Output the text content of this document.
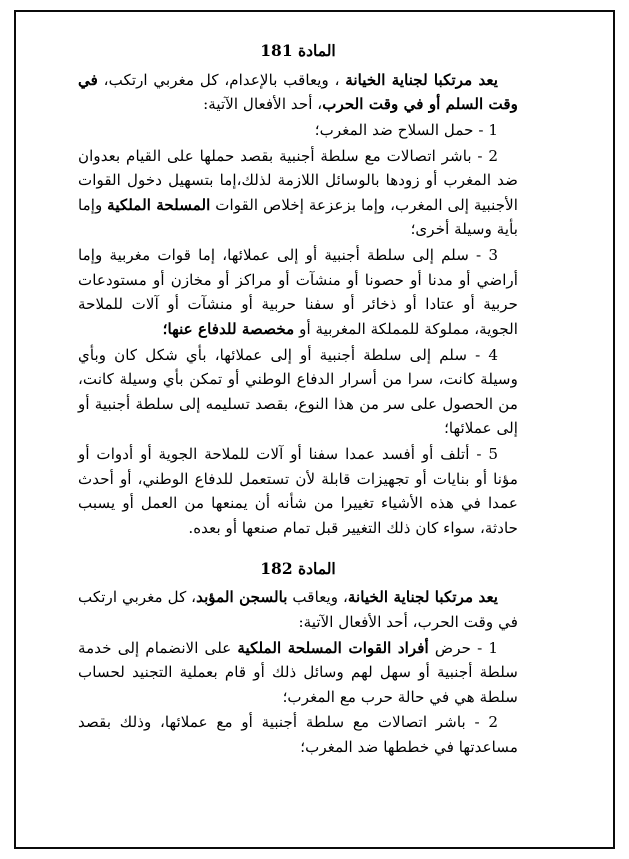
المادة 181

يعد مرتكبا لجناية الخيانة ، ويعاقب بالإعدام، كل مغربي ارتكب، في وقت السلم أو في وقت الحرب، أحد الأفعال الآتية:

1 - حمل السلاح ضد المغرب؛

2 - باشر اتصالات مع سلطة أجنبية بقصد حملها على القيام بعدوان ضد المغرب أو زودها بالوسائل اللازمة لذلك،إما بتسهيل دخول القوات الأجنبية إلى المغرب، وإما بزعزعة إخلاص القوات المسلحة الملكية وإما بأية وسيلة أخرى؛

3 - سلم إلى سلطة أجنبية أو إلى عملائها، إما قوات مغربية وإما أراضي أو مدنا أو حصونا أو منشآت أو مراكز أو مخازن أو مستودعات حربية أو عتادا أو ذخائر أو سفنا حربية أو منشآت أو آلات للملاحة الجوية، مملوكة للمملكة المغربية أو مخصصة للدفاع عنها؛

4 - سلم إلى سلطة أجنبية أو إلى عملائها، بأي شكل كان وبأي وسيلة كانت، سرا من أسرار الدفاع الوطني أو تمكن بأي وسيلة كانت، من الحصول على سر من هذا النوع، بقصد تسليمه إلى سلطة أجنبية أو إلى عملائها؛

5 - أتلف أو أفسد عمدا سفنا أو آلات للملاحة الجوية أو أدوات أو مؤنا أو بنايات أو تجهيزات قابلة لأن تستعمل للدفاع الوطني، أو أحدث عمدا في هذه الأشياء تغييرا من شأنه أن يمنعها من العمل أو يسبب حادثة، سواء كان ذلك التغيير قبل تمام صنعها أو بعده.

المادة 182

يعد مرتكبا لجناية الخيانة، ويعاقب بالسجن المؤبد، كل مغربي ارتكب في وقت الحرب، أحد الأفعال الآتية:

1 - حرض أفراد القوات المسلحة الملكية على الانضمام إلى خدمة سلطة أجنبية أو سهل لهم وسائل ذلك أو قام بعملية التجنيد لحساب سلطة هي في حالة حرب مع المغرب؛

2 - باشر اتصالات مع سلطة أجنبية أو مع عملائها، وذلك بقصد مساعدتها في خططها ضد المغرب؛
